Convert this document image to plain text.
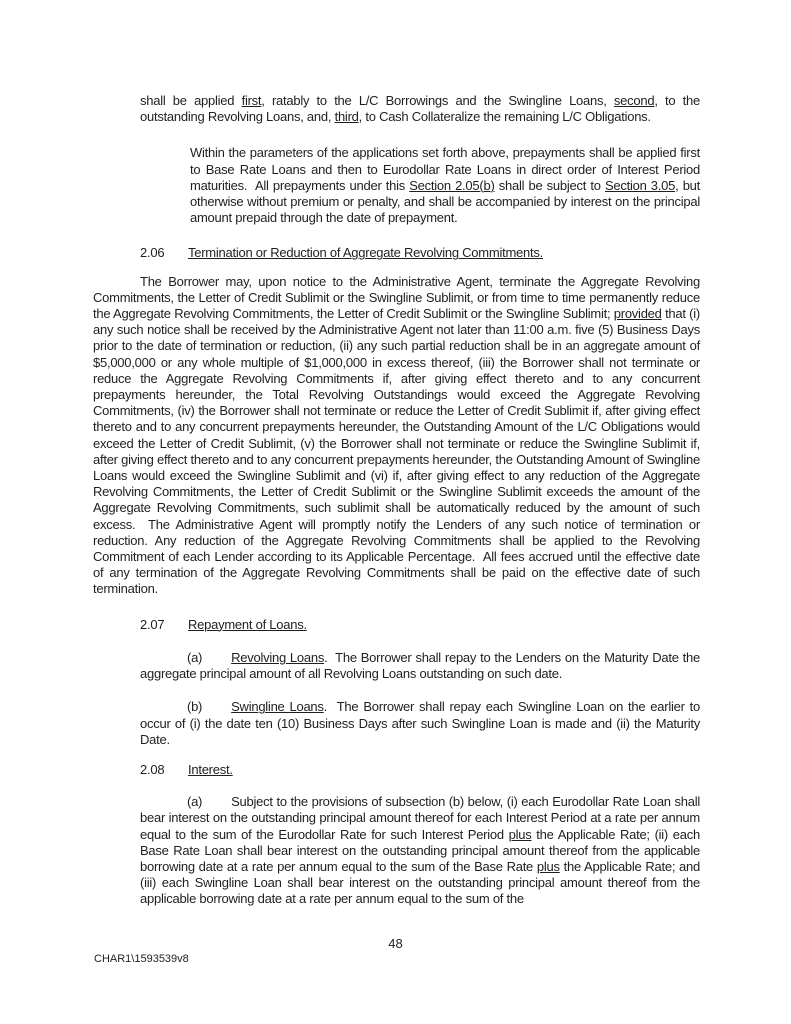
shall be applied first, ratably to the L/C Borrowings and the Swingline Loans, second, to the outstanding Revolving Loans, and, third, to Cash Collateralize the remaining L/C Obligations.

Within the parameters of the applications set forth above, prepayments shall be applied first to Base Rate Loans and then to Eurodollar Rate Loans in direct order of Interest Period maturities.  All prepayments under this Section 2.05(b) shall be subject to Section 3.05, but otherwise without premium or penalty, and shall be accompanied by interest on the principal amount prepaid through the date of prepayment.

2.06 Termination or Reduction of Aggregate Revolving Commitments.

The Borrower may, upon notice to the Administrative Agent, terminate the Aggregate Revolving Commitments, the Letter of Credit Sublimit or the Swingline Sublimit, or from time to time permanently reduce the Aggregate Revolving Commitments, the Letter of Credit Sublimit or the Swingline Sublimit; provided that (i) any such notice shall be received by the Administrative Agent not later than 11:00 a.m. five (5) Business Days prior to the date of termination or reduction, (ii) any such partial reduction shall be in an aggregate amount of $5,000,000 or any whole multiple of $1,000,000 in excess thereof, (iii) the Borrower shall not terminate or reduce the Aggregate Revolving Commitments if, after giving effect thereto and to any concurrent prepayments hereunder, the Total Revolving Outstandings would exceed the Aggregate Revolving Commitments, (iv) the Borrower shall not terminate or reduce the Letter of Credit Sublimit if, after giving effect thereto and to any concurrent prepayments hereunder, the Outstanding Amount of the L/C Obligations would exceed the Letter of Credit Sublimit, (v) the Borrower shall not terminate or reduce the Swingline Sublimit if, after giving effect thereto and to any concurrent prepayments hereunder, the Outstanding Amount of Swingline Loans would exceed the Swingline Sublimit and (vi) if, after giving effect to any reduction of the Aggregate Revolving Commitments, the Letter of Credit Sublimit or the Swingline Sublimit exceeds the amount of the Aggregate Revolving Commitments, such sublimit shall be automatically reduced by the amount of such excess.  The Administrative Agent will promptly notify the Lenders of any such notice of termination or reduction. Any reduction of the Aggregate Revolving Commitments shall be applied to the Revolving Commitment of each Lender according to its Applicable Percentage.  All fees accrued until the effective date of any termination of the Aggregate Revolving Commitments shall be paid on the effective date of such termination.

2.07 Repayment of Loans.

(a) Revolving Loans.  The Borrower shall repay to the Lenders on the Maturity Date the aggregate principal amount of all Revolving Loans outstanding on such date.

(b) Swingline Loans.  The Borrower shall repay each Swingline Loan on the earlier to occur of (i) the date ten (10) Business Days after such Swingline Loan is made and (ii) the Maturity Date.

2.08 Interest.

(a) Subject to the provisions of subsection (b) below, (i) each Eurodollar Rate Loan shall bear interest on the outstanding principal amount thereof for each Interest Period at a rate per annum equal to the sum of the Eurodollar Rate for such Interest Period plus the Applicable Rate; (ii) each Base Rate Loan shall bear interest on the outstanding principal amount thereof from the applicable borrowing date at a rate per annum equal to the sum of the Base Rate plus the Applicable Rate; and (iii) each Swingline Loan shall bear interest on the outstanding principal amount thereof from the applicable borrowing date at a rate per annum equal to the sum of the

48
CHAR1\1593539v8
